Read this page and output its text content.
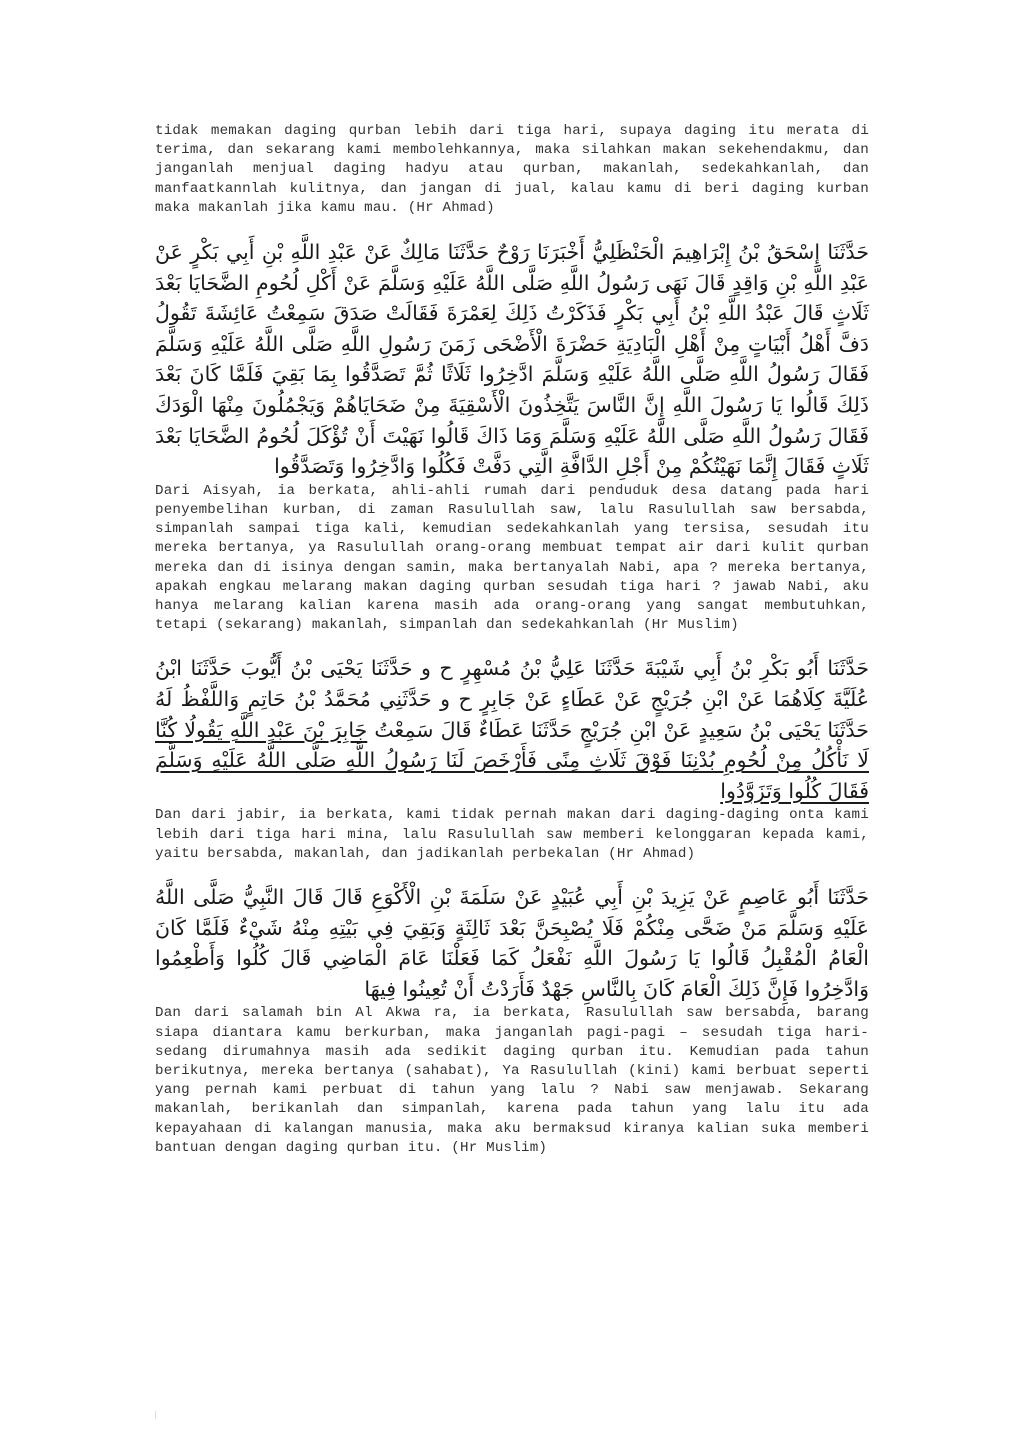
tidak memakan daging qurban lebih dari tiga hari, supaya daging itu merata di terima, dan sekarang kami membolehkannya, maka silahkan makan sekehendakmu, dan janganlah menjual daging hadyu atau qurban, makanlah, sedekahkanlah, dan manfaatkannlah kulitnya, dan jangan di jual, kalau kamu di beri daging kurban maka makanlah jika kamu mau. (Hr Ahmad)

حَدَّثَنَا إِسْحَقُ بْنُ إِبْرَاهِيمَ الْحَنْظَلِيُّ أَخْبَرَنَا رَوْحٌ حَدَّثَنَا مَالِكٌ عَنْ عَبْدِ اللَّهِ بْنِ أَبِي بَكْرٍ عَنْ عَبْدِ اللَّهِ بْنِ وَاقِدٍ قَالَ نَهَى رَسُولُ اللَّهِ صَلَّى اللَّهُ عَلَيْهِ وَسَلَّمَ عَنْ أَكْلِ لُحُومِ الضَّحَايَا بَعْدَ ثَلَاثٍ قَالَ عَبْدُ اللَّهِ بْنُ أَبِي بَكْرٍ فَذَكَرْتُ ذَلِكَ لِعَمْرَةَ فَقَالَتْ صَدَقَ سَمِعْتُ عَائِشَةَ تَقُولُ دَفَّ أَهْلُ أَبْيَاتٍ مِنْ أَهْلِ الْبَادِيَةِ حَضْرَةَ الْأَضْحَى زَمَنَ رَسُولِ اللَّهِ صَلَّى اللَّهُ عَلَيْهِ وَسَلَّمَ فَقَالَ رَسُولُ اللَّهِ صَلَّى اللَّهُ عَلَيْهِ وَسَلَّمَ ادَّخِرُوا ثَلَاثًا ثُمَّ تَصَدَّقُوا بِمَا بَقِيَ فَلَمَّا كَانَ بَعْدَ ذَلِكَ قَالُوا يَا رَسُولَ اللَّهِ إِنَّ النَّاسَ يَتَّخِذُونَ الْأَسْقِيَةَ مِنْ ضَحَايَاهُمْ وَيَجْمُلُونَ مِنْهَا الْوَدَكَ فَقَالَ رَسُولُ اللَّهِ صَلَّى اللَّهُ عَلَيْهِ وَسَلَّمَ وَمَا ذَاكَ قَالُوا نَهَيْتَ أَنْ تُؤْكَلَ لُحُومُ الضَّحَايَا بَعْدَ ثَلَاثٍ فَقَالَ إِنَّمَا نَهَيْتُكُمْ مِنْ أَجْلِ الدَّافَّةِ الَّتِي دَفَّتْ فَكُلُوا وَادَّخِرُوا وَتَصَدَّقُوا

Dari Aisyah, ia berkata, ahli-ahli rumah dari penduduk desa datang pada hari penyembelihan kurban, di zaman Rasulullah saw, lalu Rasulullah saw bersabda, simpanlah sampai tiga kali, kemudian sedekahkanlah yang tersisa, sesudah itu mereka bertanya, ya Rasulullah orang-orang membuat tempat air dari kulit qurban mereka dan di isinya dengan samin, maka bertanyalah Nabi, apa ? mereka bertanya, apakah engkau melarang makan daging qurban sesudah tiga hari ? jawab Nabi, aku hanya melarang kalian karena masih ada orang-orang yang sangat membutuhkan, tetapi (sekarang) makanlah, simpanlah dan sedekahkanlah (Hr Muslim)

حَدَّثَنَا أَبُو بَكْرِ بْنُ أَبِي شَيْبَةَ حَدَّثَنَا عَلِيُّ بْنُ مُسْهِرٍ ح و حَدَّثَنَا يَحْيَى بْنُ أَيُّوبَ حَدَّثَنَا ابْنُ عُلَيَّةَ كِلَاهُمَا عَنْ ابْنِ جُرَيْجٍ عَنْ عَطَاءٍ عَنْ جَابِرٍ ح و حَدَّثَنِي مُحَمَّدُ بْنُ حَاتِمٍ وَاللَّفْظُ لَهُ حَدَّثَنَا يَحْيَى بْنُ سَعِيدٍ عَنْ ابْنِ جُرَيْجٍ حَدَّثَنَا عَطَاءٌ قَالَ سَمِعْتُ جَابِرَ بْنَ عَبْدِ اللَّهِ يَقُولُا كُنَّا لَا نَأْكُلُ مِنْ لُحُومِ بُدْنِنَا فَوْقَ ثَلَاثِ مِنًى فَأَرْخَصَ لَنَا رَسُولُ اللَّهِ صَلَّى اللَّهُ عَلَيْهِ وَسَلَّمَ فَقَالَ كُلُوا وَتَزَوَّدُوا

Dan dari jabir, ia berkata, kami tidak pernah makan dari daging-daging onta kami lebih dari tiga hari mina, lalu Rasulullah saw memberi kelonggaran kepada kami, yaitu bersabda, makanlah, dan jadikanlah perbekalan (Hr Ahmad)

حَدَّثَنَا أَبُو عَاصِمٍ عَنْ يَزِيدَ بْنِ أَبِي عُبَيْدٍ عَنْ سَلَمَةَ بْنِ الْأَكْوَعِ قَالَ قَالَ النَّبِيُّ صَلَّى اللَّهُ عَلَيْهِ وَسَلَّمَ مَنْ ضَحَّى مِنْكُمْ فَلَا يُصْبِحَنَّ بَعْدَ ثَالِثَةٍ وَبَقِيَ فِي بَيْتِهِ مِنْهُ شَيْءٌ فَلَمَّا كَانَ الْعَامُ الْمُقْبِلُ قَالُوا يَا رَسُولَ اللَّهِ نَفْعَلُ كَمَا فَعَلْنَا عَامَ الْمَاضِي قَالَ كُلُوا وَأَطْعِمُوا وَادَّخِرُوا فَإِنَّ ذَلِكَ الْعَامَ كَانَ بِالنَّاسِ جَهْدٌ فَأَرَدْتُ أَنْ تُعِينُوا فِيهَا

Dan dari salamah bin Al Akwa ra, ia berkata, Rasulullah saw bersabda, barang siapa diantara kamu berkurban, maka janganlah pagi-pagi – sesudah tiga hari- sedang dirumahnya masih ada sedikit daging qurban itu. Kemudian pada tahun berikutnya, mereka bertanya (sahabat), Ya Rasulullah (kini) kami berbuat seperti yang pernah kami perbuat di tahun yang lalu ? Nabi saw menjawab. Sekarang makanlah, berikanlah dan simpanlah, karena pada tahun yang lalu itu ada kepayahaan di kalangan manusia, maka aku bermaksud kiranya kalian suka memberi bantuan dengan daging qurban itu. (Hr Muslim)
